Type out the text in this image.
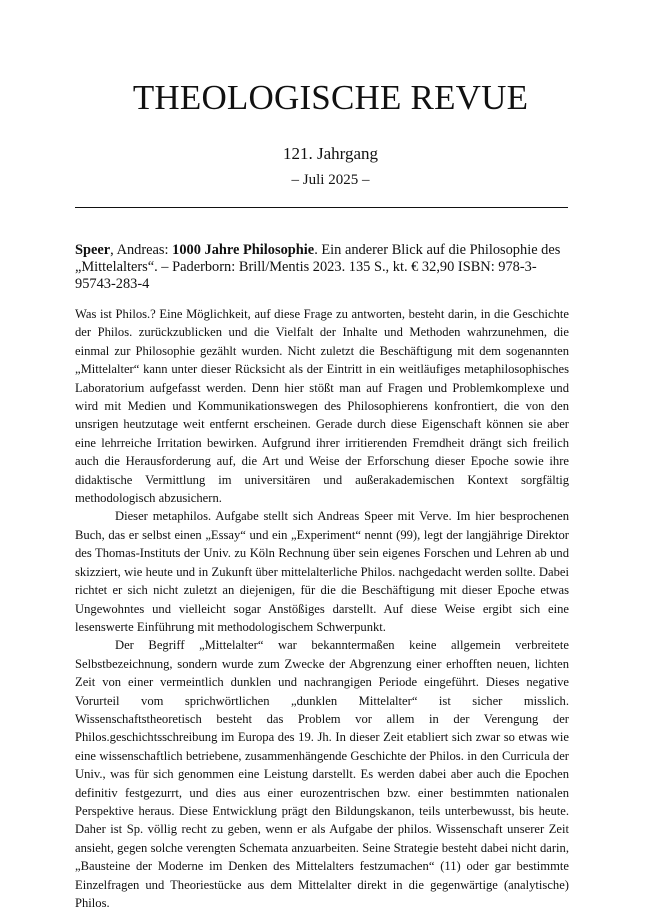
THEOLOGISCHE REVUE
121. Jahrgang
– Juli 2025 –

Speer, Andreas: 1000 Jahre Philosophie. Ein anderer Blick auf die Philosophie des „Mittelalters“. – Paderborn: Brill/Mentis 2023. 135 S., kt. € 32,90 ISBN: 978-3-95743-283-4

Was ist Philos.? Eine Möglichkeit, auf diese Frage zu antworten, besteht darin, in die Geschichte der Philos. zurückzublicken und die Vielfalt der Inhalte und Methoden wahrzunehmen, die einmal zur Philosophie gezählt wurden. Nicht zuletzt die Beschäftigung mit dem sogenannten „Mittelalter“ kann unter dieser Rücksicht als der Eintritt in ein weitläufiges metaphilosophisches Laboratorium aufgefasst werden. Denn hier stößt man auf Fragen und Problemkomplexe und wird mit Medien und Kommunikationswegen des Philosophierens konfrontiert, die von den unsrigen heutzutage weit entfernt erscheinen. Gerade durch diese Eigenschaft können sie aber eine lehrreiche Irritation bewirken. Aufgrund ihrer irritierenden Fremdheit drängt sich freilich auch die Herausforderung auf, die Art und Weise der Erforschung dieser Epoche sowie ihre didaktische Vermittlung im universitären und außerakademischen Kontext sorgfältig methodologisch abzusichern.

Dieser metaphilos. Aufgabe stellt sich Andreas Speer mit Verve. Im hier besprochenen Buch, das er selbst einen „Essay“ und ein „Experiment“ nennt (99), legt der langjährige Direktor des Thomas-Instituts der Univ. zu Köln Rechnung über sein eigenes Forschen und Lehren ab und skizziert, wie heute und in Zukunft über mittelalterliche Philos. nachgedacht werden sollte. Dabei richtet er sich nicht zuletzt an diejenigen, für die die Beschäftigung mit dieser Epoche etwas Ungewohntes und vielleicht sogar Anstößiges darstellt. Auf diese Weise ergibt sich eine lesenswerte Einführung mit methodologischem Schwerpunkt.

Der Begriff „Mittelalter“ war bekanntermaßen keine allgemein verbreitete Selbstbezeichnung, sondern wurde zum Zwecke der Abgrenzung einer erhofften neuen, lichten Zeit von einer vermeintlich dunklen und nachrangigen Periode eingeführt. Dieses negative Vorurteil vom sprichwörtlichen „dunklen Mittelalter“ ist sicher misslich. Wissenschaftstheoretisch besteht das Problem vor allem in der Verengung der Philos.geschichtsschreibung im Europa des 19. Jh. In dieser Zeit etabliert sich zwar so etwas wie eine wissenschaftlich betriebene, zusammenhängende Geschichte der Philos. in den Curricula der Univ., was für sich genommen eine Leistung darstellt. Es werden dabei aber auch die Epochen definitiv festgezurrt, und dies aus einer eurozentrischen bzw. einer bestimmten nationalen Perspektive heraus. Diese Entwicklung prägt den Bildungskanon, teils unterbewusst, bis heute. Daher ist Sp. völlig recht zu geben, wenn er als Aufgabe der philos. Wissenschaft unserer Zeit ansieht, gegen solche verengten Schemata anzuarbeiten. Seine Strategie besteht dabei nicht darin, „Bausteine der Moderne im Denken des Mittelalters festzumachen“ (11) oder gar bestimmte Einzelfragen und Theoriestücke aus dem Mittelalter direkt in die gegenwärtige (analytische) Philos.
